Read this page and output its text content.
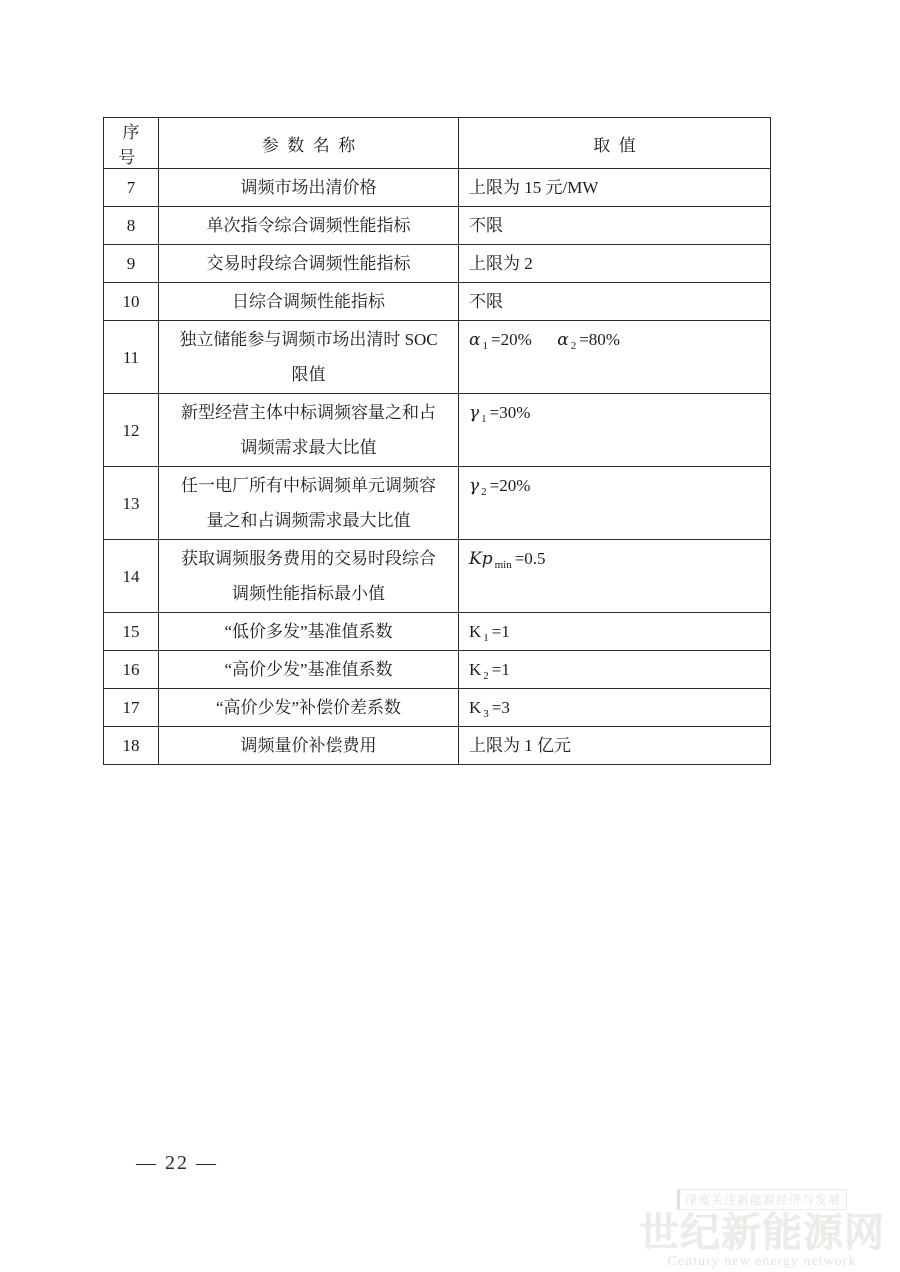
序号	参数名称	取值
7	调频市场出清价格	上限为 15 元/MW
8	单次指令综合调频性能指标	不限
9	交易时段综合调频性能指标	上限为 2
10	日综合调频性能指标	不限
11	独立储能参与调频市场出清时 SOC 限值	α $_1$ =20% α $_2$ =80%
12	新型经营主体中标调频容量之和占调频需求最大比值	γ $_1$ =30%
13	任一电厂所有中标调频单元调频容量之和占调频需求最大比值	γ $_2$ =20%
14	获取调频服务费用的交易时段综合调频性能指标最小值	Kp $_{min}$ =0.5
15	“低价多发”基准值系数	K $_1$ =1
16	“高价少发”基准值系数	K $_2$ =1
17	“高价少发”补偿价差系数	K $_3$ =3
18	调频量价补偿费用	上限为 1 亿元
— 22 —
深度关注新能源经济与发展
世纪新能源网
Century new energy network
